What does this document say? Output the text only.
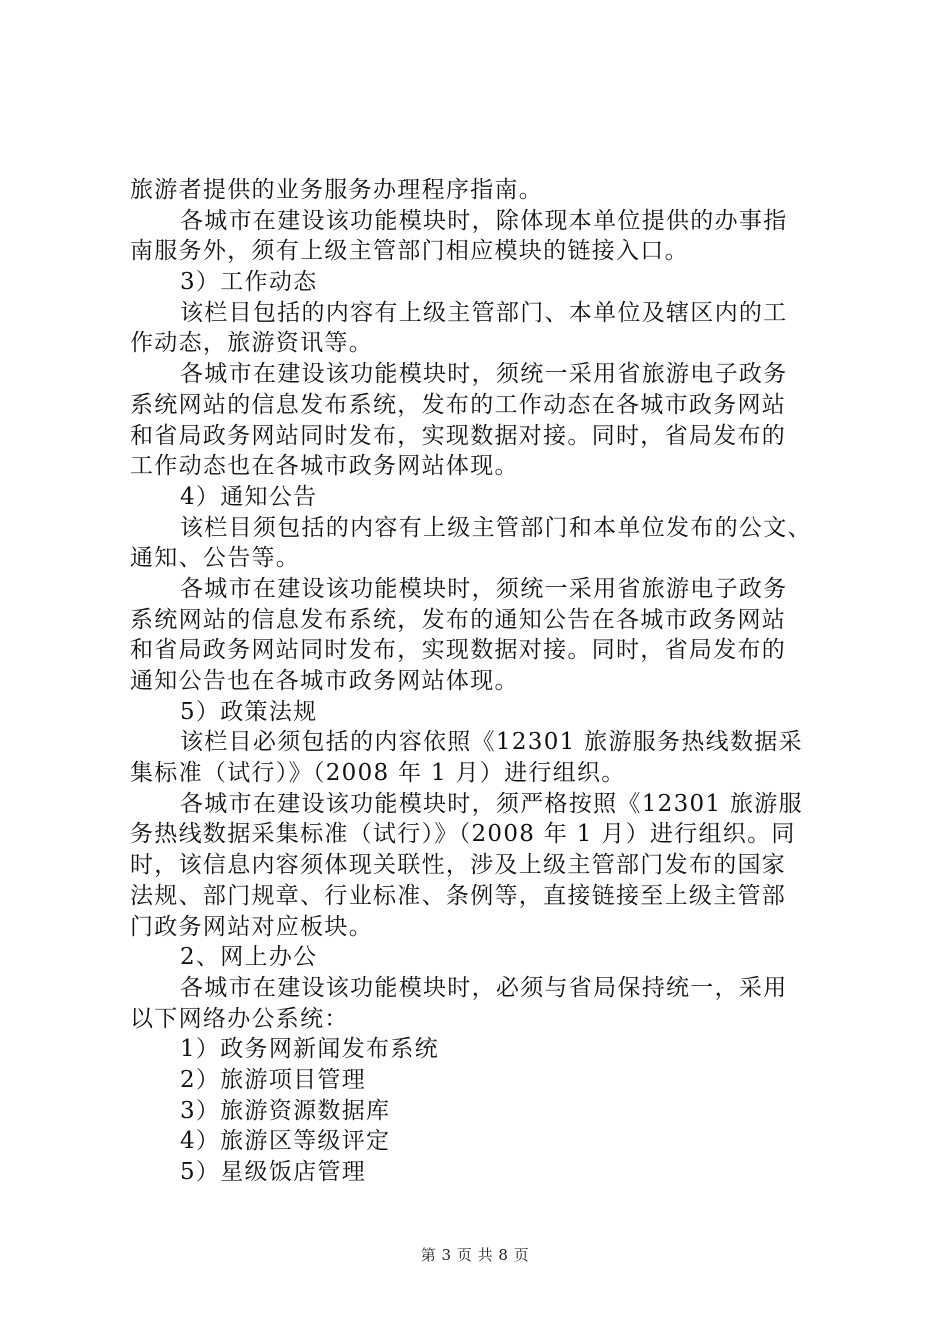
旅游者提供的业务服务办理程序指南。
各城市在建设该功能模块时，除体现本单位提供的办事指
南服务外，须有上级主管部门相应模块的链接入口。
3）工作动态
该栏目包括的内容有上级主管部门、本单位及辖区内的工
作动态，旅游资讯等。
各城市在建设该功能模块时，须统一采用省旅游电子政务
系统网站的信息发布系统，发布的工作动态在各城市政务网站
和省局政务网站同时发布，实现数据对接。同时，省局发布的
工作动态也在各城市政务网站体现。
4）通知公告
该栏目须包括的内容有上级主管部门和本单位发布的公文、
通知、公告等。
各城市在建设该功能模块时，须统一采用省旅游电子政务
系统网站的信息发布系统，发布的通知公告在各城市政务网站
和省局政务网站同时发布，实现数据对接。同时，省局发布的
通知公告也在各城市政务网站体现。
5）政策法规
该栏目必须包括的内容依照《12301 旅游服务热线数据采
集标准（试行）》（2008 年 1 月）进行组织。
各城市在建设该功能模块时，须严格按照《12301 旅游服
务热线数据采集标准（试行）》（2008 年 1 月）进行组织。同
时，该信息内容须体现关联性，涉及上级主管部门发布的国家
法规、部门规章、行业标准、条例等，直接链接至上级主管部
门政务网站对应板块。
2、网上办公
各城市在建设该功能模块时，必须与省局保持统一，采用
以下网络办公系统：
1）政务网新闻发布系统
2）旅游项目管理
3）旅游资源数据库
4）旅游区等级评定
5）星级饭店管理
第 3 页 共 8 页
